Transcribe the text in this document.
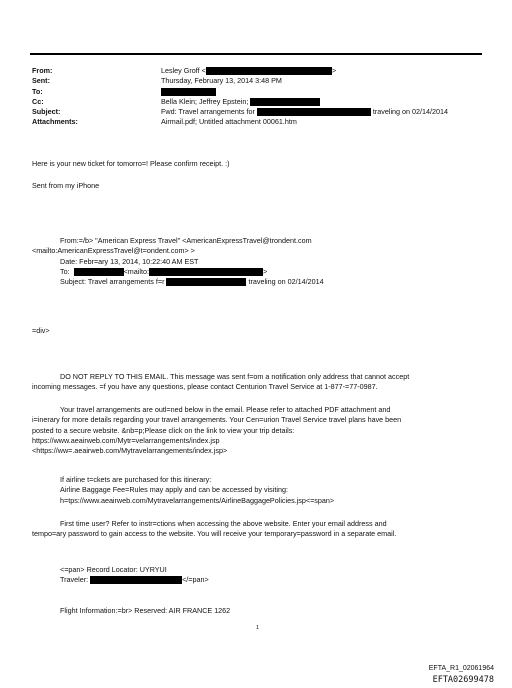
From:	Lesley Groff <	>
Sent:	Thursday, February 13, 2014 3:48 PM
To:
Cc:	Bella Klein; Jeffrey Epstein;
Subject:	Fwd: Travel arrangements for	traveling on 02/14/2014
Attachments:	Airmail.pdf; Untitled attachment 00061.htm
Here is your new ticket for tomorro=! Please confirm receipt. :)
Sent from my iPhone
From:=/b> "American Express Travel" <AmericanExpressTravel@trondent.com
<mailto:AmericanExpressTravel@t=ondent.com> >
Date: Febr=ary 13, 2014, 10:22:40 AM EST
To:	<mailto:	>
Subject: Travel arrangements f=r	traveling on 02/14/2014
=div>
DO NOT REPLY TO THIS EMAIL. This message was sent f=om a notification only address that cannot accept
incoming messages. =f you have any questions, please contact Centurion Travel Service at 1-877-=77-0987.
Your travel arrangements are outl=ned below in the email. Please refer to attached PDF attachment and
i=inerary for more details regarding your travel arrangements. Your Cen=urion Travel Service travel plans have been
posted to a secure website. &nb=p;Please click on the link to view your trip details:
https://www.aeairweb.com/Mytr=velarrangements/index.jsp
<https://ww=.aeairweb.com/Mytravelarrangements/index.jsp>
If airline t=ckets are purchased for this itinerary:
Airline Baggage Fee=Rules may apply and can be accessed by visiting:
h=tps://www.aeairweb.com/Mytravelarrangements/AirlineBaggagePolicies.jsp<=span>
First time user? Refer to instr=ctions when accessing the above website. Enter your email address and
tempo=ary password to gain access to the website. You will receive your temporary=password in a separate email.
<=pan> Record Locator: UYRYUI
Traveler:	</=pan>
Flight Information:=br> Reserved: AIR FRANCE 1262
1
EFTA_R1_02061964
EFTA02699478
